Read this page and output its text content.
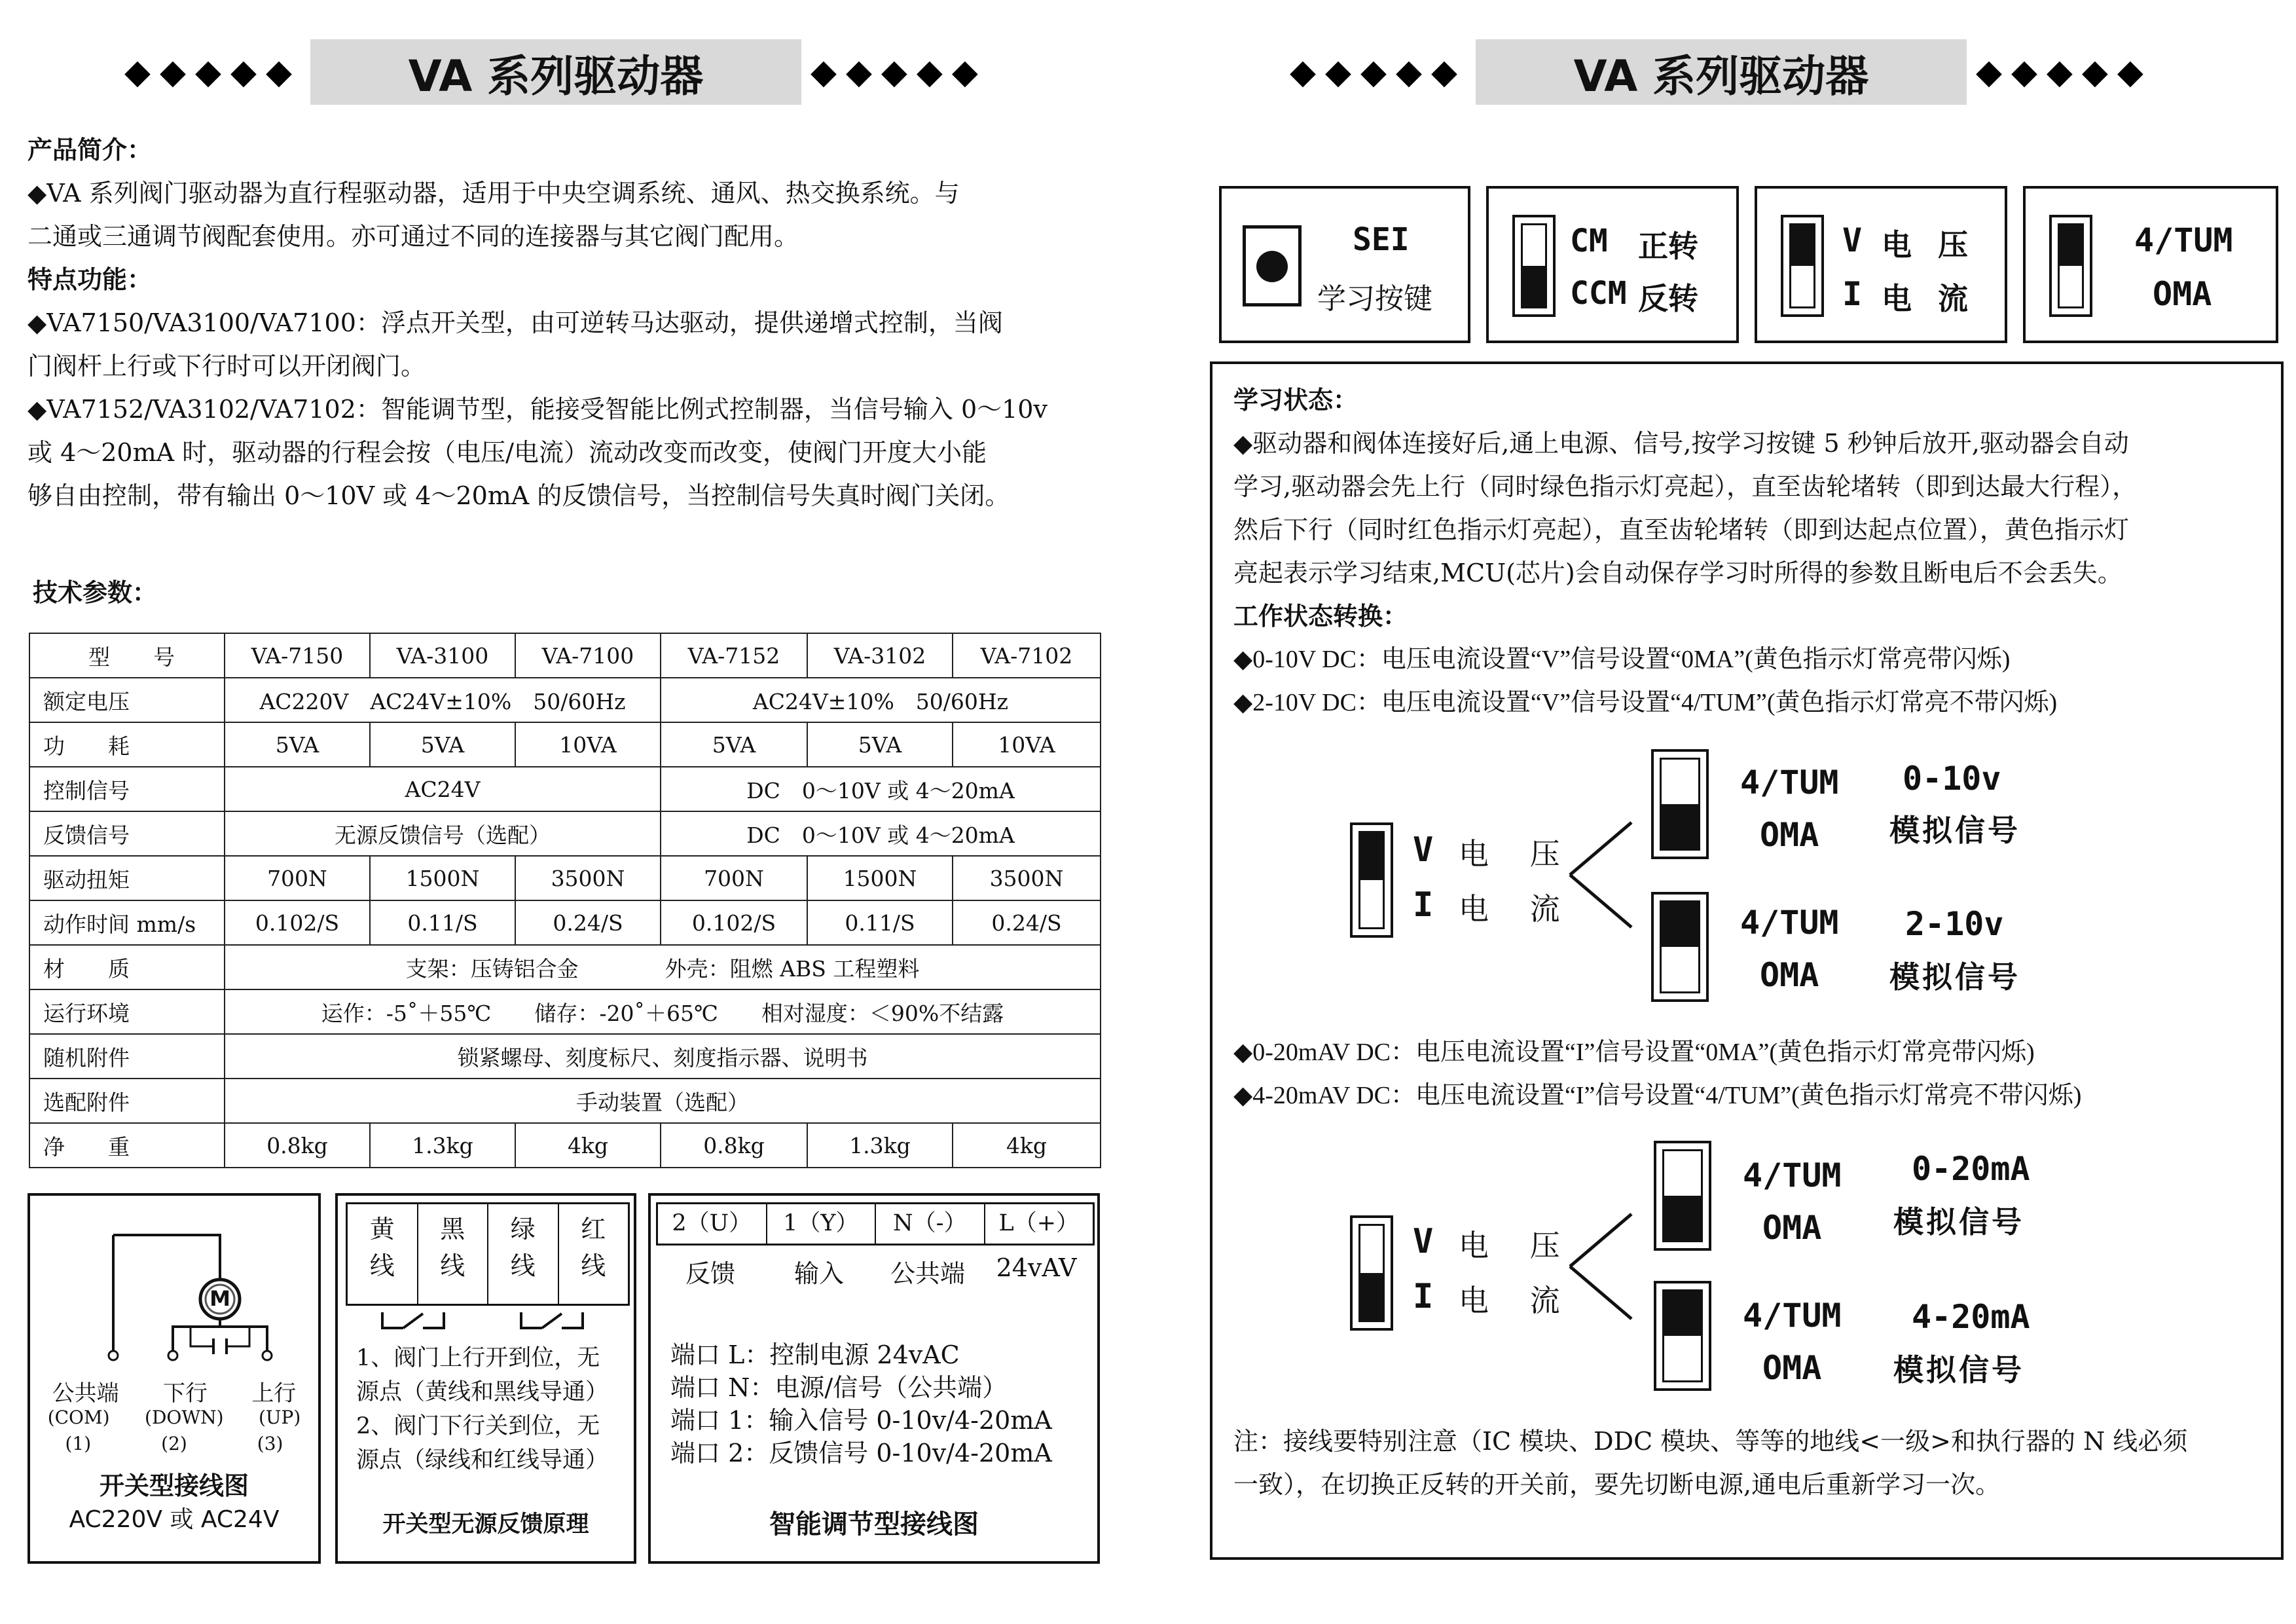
◆◆◆◆◆	VA 系列驱动器	◆◆◆◆◆
产品简介：
◆VA 系列阀门驱动器为直行程驱动器，适用于中央空调系统、通风、热交换系统。与
二通或三通调节阀配套使用。亦可通过不同的连接器与其它阀门配用。
特点功能：
◆VA7150/VA3100/VA7100：浮点开关型，由可逆转马达驱动，提供递增式控制，当阀
门阀杆上行或下行时可以开闭阀门。
◆VA7152/VA3102/VA7102：智能调节型，能接受智能比例式控制器，当信号输入 0～10v
或 4～20mA 时，驱动器的行程会按（电压/电流）流动改变而改变，使阀门开度大小能
够自由控制，带有输出 0～10V 或 4～20mA 的反馈信号，当控制信号失真时阀门关闭。
技术参数：
型　　号	VA-7150	VA-3100	VA-7100	VA-7152	VA-3102	VA-7102
额定电压	AC220V　AC24V±10%　50/60Hz			AC24V±10%　50/60Hz		
功　　耗	5VA	5VA	10VA	5VA	5VA	10VA
控制信号	AC24V			DC　0～10V 或 4～20mA		
反馈信号	无源反馈信号（选配）			DC　0～10V 或 4～20mA		
驱动扭矩	700N	1500N	3500N	700N	1500N	3500N
动作时间 mm/s	0.102/S	0.11/S	0.24/S	0.102/S	0.11/S	0.24/S
材　　质	支架：压铸铝合金　　　　外壳：阻燃 ABS 工程塑料					
运行环境	运作：-5˚＋55℃　　储存：-20˚＋65℃　　相对湿度：＜90%不结露					
随机附件	锁紧螺母、刻度标尺、刻度指示器、说明书					
选配附件	手动装置（选配）					
净　　重	0.8kg	1.3kg	4kg	0.8kg	1.3kg	4kg
M
公共端 下行 上行
(COM) (DOWN) (UP)
(1)	(2)	(3)
开关型接线图
AC220V 或 AC24V
黄
线
黑
线
绿
线
红
线
1、阀门上行开到位，无
源点（黄线和黑线导通）
2、阀门下行关到位，无
源点（绿线和红线导通）
开关型无源反馈原理
2（U）	1（Y）	N（-）	L（+）
反馈	输入	公共端	24vAV
端口 L：控制电源 24vAC
端口 N：电源/信号（公共端）
端口 1：输入信号 0-10v/4-20mA
端口 2：反馈信号 0-10v/4-20mA
智能调节型接线图
◆◆◆◆◆	VA 系列驱动器	◆◆◆◆◆
SEI
学习按键
CM 正转
CCM 反转
V 电 压
I 电 流
4/TUM
OMA
学习状态：
◆驱动器和阀体连接好后,通上电源、信号,按学习按键 5 秒钟后放开,驱动器会自动
学习,驱动器会先上行（同时绿色指示灯亮起），直至齿轮堵转（即到达最大行程），
然后下行（同时红色指示灯亮起），直至齿轮堵转（即到达起点位置），黄色指示灯
亮起表示学习结束,MCU(芯片)会自动保存学习时所得的参数且断电后不会丢失。
工作状态转换：
◆0-10V DC：电压电流设置“V”信号设置“0MA”(黄色指示灯常亮带闪烁)
◆2-10V DC：电压电流设置“V”信号设置“4/TUM”(黄色指示灯常亮不带闪烁)
V 电 压
I 电 流
4/TUM
OMA
4/TUM
OMA
0-10v
模拟信号
2-10v
模拟信号
◆0-20mAV DC：电压电流设置“I”信号设置“0MA”(黄色指示灯常亮带闪烁)
◆4-20mAV DC：电压电流设置“I”信号设置“4/TUM”(黄色指示灯常亮不带闪烁)
V 电 压
I 电 流
4/TUM
OMA
4/TUM
OMA
0-20mA
模拟信号
4-20mA
模拟信号
注：接线要特别注意（IC 模块、DDC 模块、等等的地线<一级>和执行器的 N 线必须
一致），在切换正反转的开关前，要先切断电源,通电后重新学习一次。
